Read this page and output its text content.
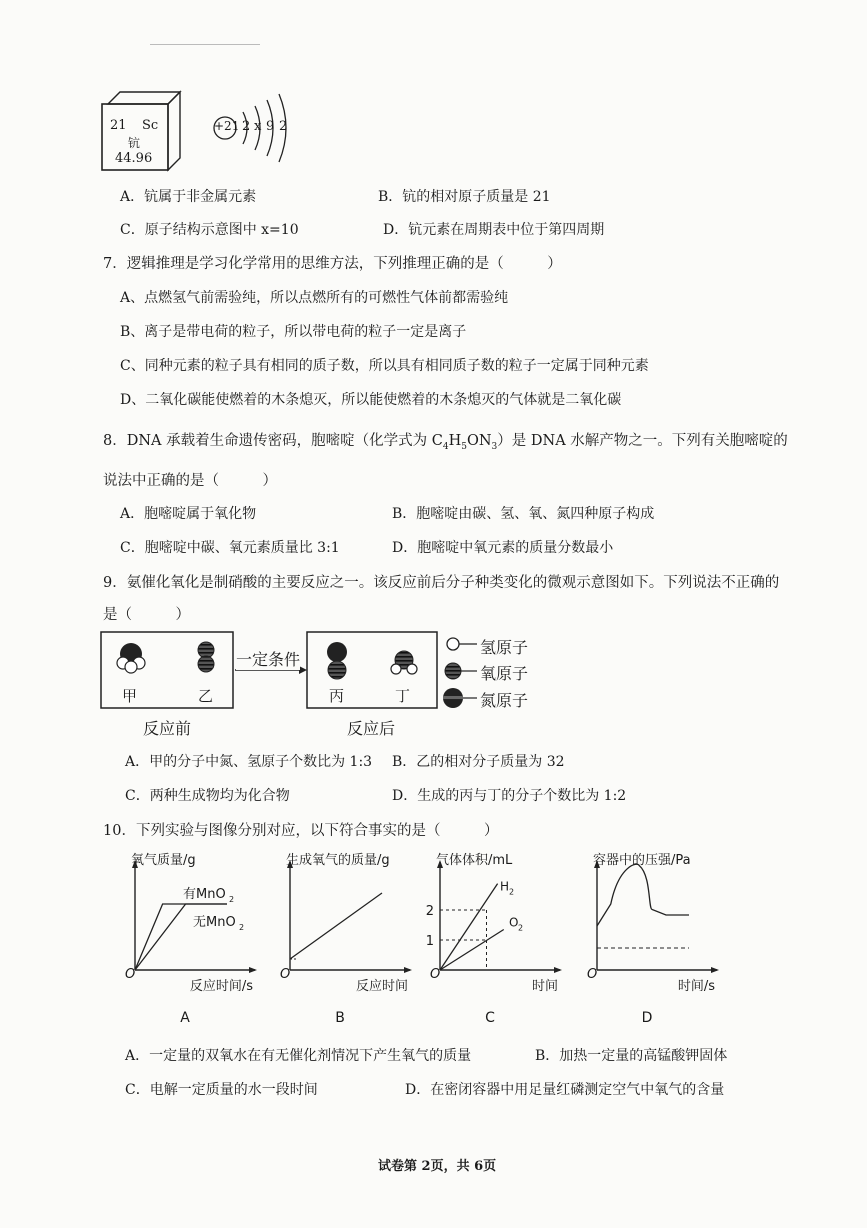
21 Sc
钪
44.96
+21 2 x 9 2
A．钪属于非金属元素	B．钪的相对原子质量是 21
C．原子结构示意图中 x=10	D．钪元素在周期表中位于第四周期
7．逻辑推理是学习化学常用的思维方法，下列推理正确的是（　　　）
A、点燃氢气前需验纯，所以点燃所有的可燃性气体前都需验纯
B、离子是带电荷的粒子，所以带电荷的粒子一定是离子
C、同种元素的粒子具有相同的质子数，所以具有相同质子数的粒子一定属于同种元素
D、二氧化碳能使燃着的木条熄灭，所以能使燃着的木条熄灭的气体就是二氧化碳
8．DNA 承载着生命遗传密码，胞嘧啶（化学式为 $C_4H_5ON_3$）是 DNA 水解产物之一。下列有关胞嘧啶的
说法中正确的是（　　　）
A．胞嘧啶属于氧化物	B．胞嘧啶由碳、氢、氧、氮四种原子构成
C．胞嘧啶中碳、氧元素质量比 3:1	D．胞嘧啶中氧元素的质量分数最小
9．氨催化氧化是制硝酸的主要反应之一。该反应前后分子种类变化的微观示意图如下。下列说法不正确的
是（　　　）
一定条件
甲	乙	丙	丁
反应前	反应后
氢原子
氧原子
氮原子
A．甲的分子中氮、氢原子个数比为 1:3 B．乙的相对分子质量为 32
C．两种生成物均为化合物	D．生成的丙与丁的分子个数比为 1:2
10．下列实验与图像分别对应，以下符合事实的是（　　　）
氧气质量/g
O
反应时间/s
A
有MnO 2
无MnO 2
生成氧气的质量/g
O
反应时间
B
气体体积/mL
O
时间
C
1
2
H 2
O 2
容器中的压强/Pa
O
时间/s
D
A．一定量的双氧水在有无催化剂情况下产生氧气的质量	B．加热一定量的高锰酸钾固体
C．电解一定质量的水一段时间	D．在密闭容器中用足量红磷测定空气中氧气的含量
试卷第 2页，共 6页
